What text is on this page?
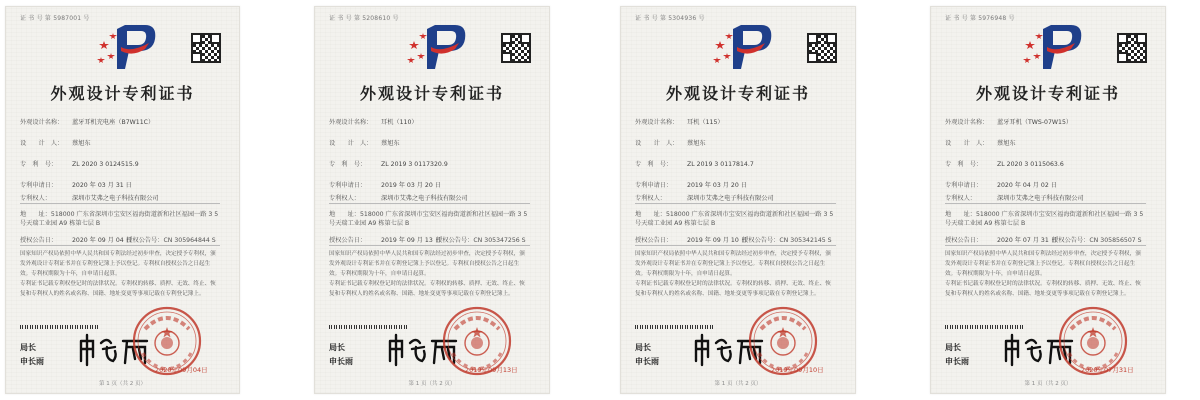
证 书 号 第 5987001 号
外观设计专利证书
外观设计名称： 蓝牙耳机充电座（B7W11C）
设　　计　人： 蔡旭东
专　利　号： ZL 2020 3 0124515.9
专利申请日： 2020 年 03 月 31 日
专利权人：	深圳市艾弗之电子科技有限公司
地　　址：518000 广东省深圳市宝安区福海街道新和社区福园一路 3 5 号天瑞工业园 A9 栋第七层 B
授权公告日： 2020 年 09 月 04 日
授权公告号：CN 305964844 S
国家知识产权局依照中华人民共和国专利法经过初步审查，决定授予专利权，颁发外观设计专利证书并在专利登记簿上予以登记。专利权自授权公告之日起生效。专利权期限为十年，自申请日起算。
专利证书记载专利权登记时的法律状况。专利权的转移、质押、无效、终止、恢复和专利权人的姓名或名称、国籍、地址变更等事项记载在专利登记簿上。
局长
申长雨
2020年09月04日
第 1 页（共 2 页）
证 书 号 第 5208610 号
外观设计专利证书
外观设计名称： 耳机（110）
设　　计　人： 蔡旭东
专　利　号： ZL 2019 3 0117320.9
专利申请日： 2019 年 03 月 20 日
专利权人：	深圳市艾弗之电子科技有限公司
地　　址：518000 广东省深圳市宝安区福海街道新和社区福园一路 3 5 号天瑞工业园 A9 栋第七层 B
授权公告日： 2019 年 09 月 13 日
授权公告号：CN 305347256 S
国家知识产权局依照中华人民共和国专利法经过初步审查，决定授予专利权，颁发外观设计专利证书并在专利登记簿上予以登记。专利权自授权公告之日起生效。专利权期限为十年，自申请日起算。
专利证书记载专利权登记时的法律状况。专利权的转移、质押、无效、终止、恢复和专利权人的姓名或名称、国籍、地址变更等事项记载在专利登记簿上。
局长
申长雨
2019年09月13日
第 1 页（共 2 页）
证 书 号 第 5304936 号
外观设计专利证书
外观设计名称： 耳机（115）
设　　计　人： 蔡旭东
专　利　号： ZL 2019 3 0117814.7
专利申请日： 2019 年 03 月 20 日
专利权人：	深圳市艾弗之电子科技有限公司
地　　址：518000 广东省深圳市宝安区福海街道新和社区福园一路 3 5 号天瑞工业园 A9 栋第七层 B
授权公告日： 2019 年 09 月 10 日
授权公告号：CN 305342145 S
国家知识产权局依照中华人民共和国专利法经过初步审查，决定授予专利权，颁发外观设计专利证书并在专利登记簿上予以登记。专利权自授权公告之日起生效。专利权期限为十年，自申请日起算。
专利证书记载专利权登记时的法律状况。专利权的转移、质押、无效、终止、恢复和专利权人的姓名或名称、国籍、地址变更等事项记载在专利登记簿上。
局长
申长雨
2019年09月10日
第 1 页（共 2 页）
证 书 号 第 5976948 号
外观设计专利证书
外观设计名称： 蓝牙耳机（TWS-07W15）
设　　计　人： 蔡旭东
专　利　号： ZL 2020 3 0115063.6
专利申请日： 2020 年 04 月 02 日
专利权人：	深圳市艾弗之电子科技有限公司
地　　址：518000 广东省深圳市宝安区福海街道新和社区福园一路 3 5 号天瑞工业园 A9 栋第七层 B
授权公告日： 2020 年 07 月 31 日
授权公告号：CN 305856507 S
国家知识产权局依照中华人民共和国专利法经过初步审查，决定授予专利权，颁发外观设计专利证书并在专利登记簿上予以登记。专利权自授权公告之日起生效。专利权期限为十年，自申请日起算。
专利证书记载专利权登记时的法律状况。专利权的转移、质押、无效、终止、恢复和专利权人的姓名或名称、国籍、地址变更等事项记载在专利登记簿上。
局长
申长雨
2020年07月31日
第 1 页（共 2 页）
